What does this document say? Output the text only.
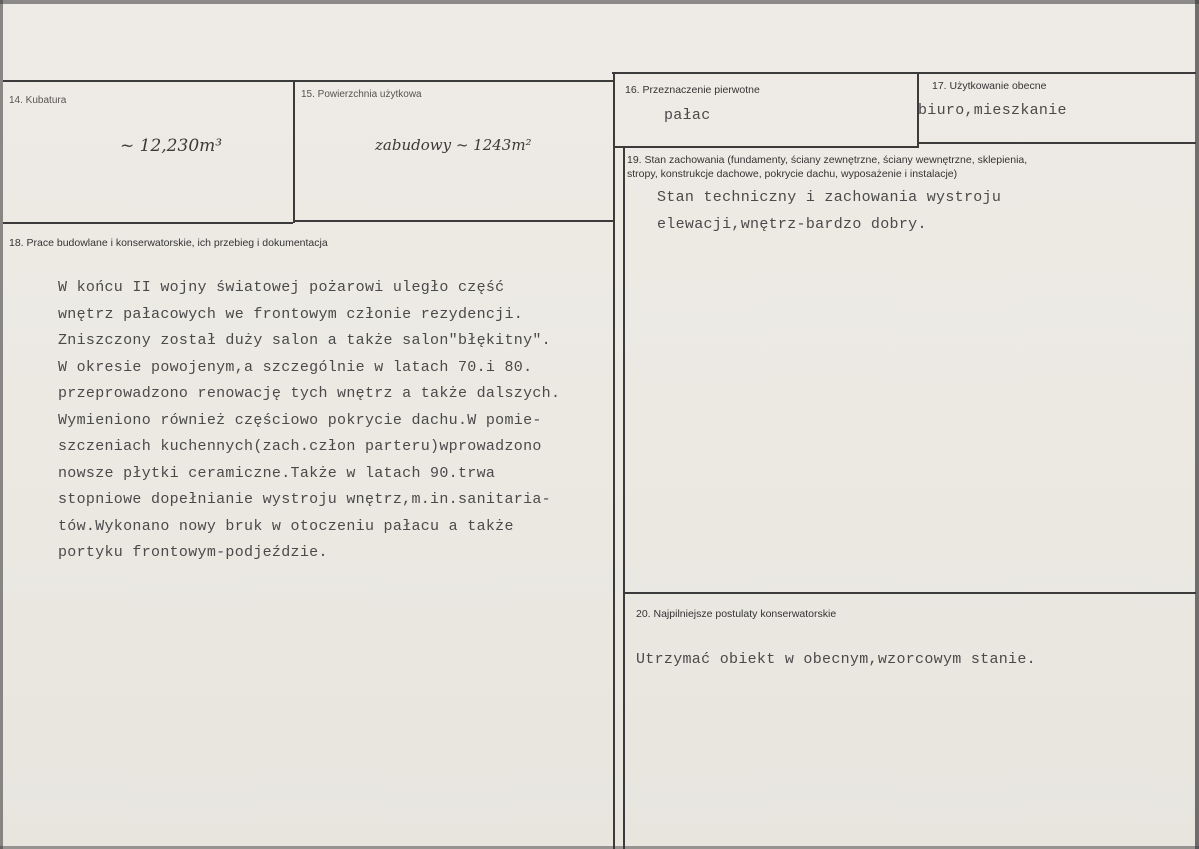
14. Kubatura
~ 12,230m³
15. Powierzchnia użytkowa
zabudowy ~ 1243m²
16. Przeznaczenie pierwotne
pałac
17. Użytkowanie obecne
biuro,mieszkanie
18. Prace budowlane i konserwatorskie, ich przebieg i dokumentacja

W końcu II wojny światowej pożarowi uległo część

wnętrz pałacowych we frontowym członie rezydencji.

Zniszczony został duży salon a także salon"błękitny".

W okresie powojenym,a szczególnie w latach 70.i 80.

przeprowadzono renowację tych wnętrz a także dalszych.

Wymieniono również częściowo pokrycie dachu.W pomie-

szczeniach kuchennych(zach.człon parteru)wprowadzono

nowsze płytki ceramiczne.Także w latach 90.trwa

stopniowe dopełnianie wystroju wnętrz,m.in.sanitaria-

tów.Wykonano nowy bruk w otoczeniu pałacu a także

portyku frontowym-podjeździe.

19. Stan zachowania (fundamenty, ściany zewnętrzne, ściany wewnętrzne, sklepienia,
stropy, konstrukcje dachowe, pokrycie dachu, wyposażenie i instalacje)

Stan techniczny i zachowania wystroju

elewacji,wnętrz-bardzo dobry.

20. Najpilniejsze postulaty konserwatorskie
Utrzymać obiekt w obecnym,wzorcowym stanie.
